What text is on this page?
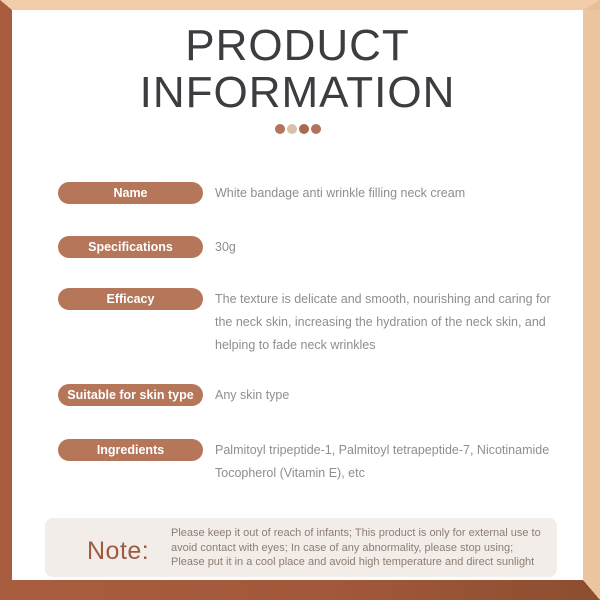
PRODUCT
INFORMATION
Name	White bandage anti wrinkle filling neck cream
Specifications	30g
Efficacy	The texture is delicate and smooth, nourishing and caring for the neck skin, increasing the hydration of the neck skin, and helping to fade neck wrinkles
Suitable for skin type	Any skin type
Ingredients	Palmitoyl tripeptide-1, Palmitoyl tetrapeptide-7, Nicotinamide Tocopherol (Vitamin E), etc
Note:
Please keep it out of reach of infants; This product is only for external use to avoid contact with eyes; In case of any abnormality, please stop using; Please put it in a cool place and avoid high temperature and direct sunlight
